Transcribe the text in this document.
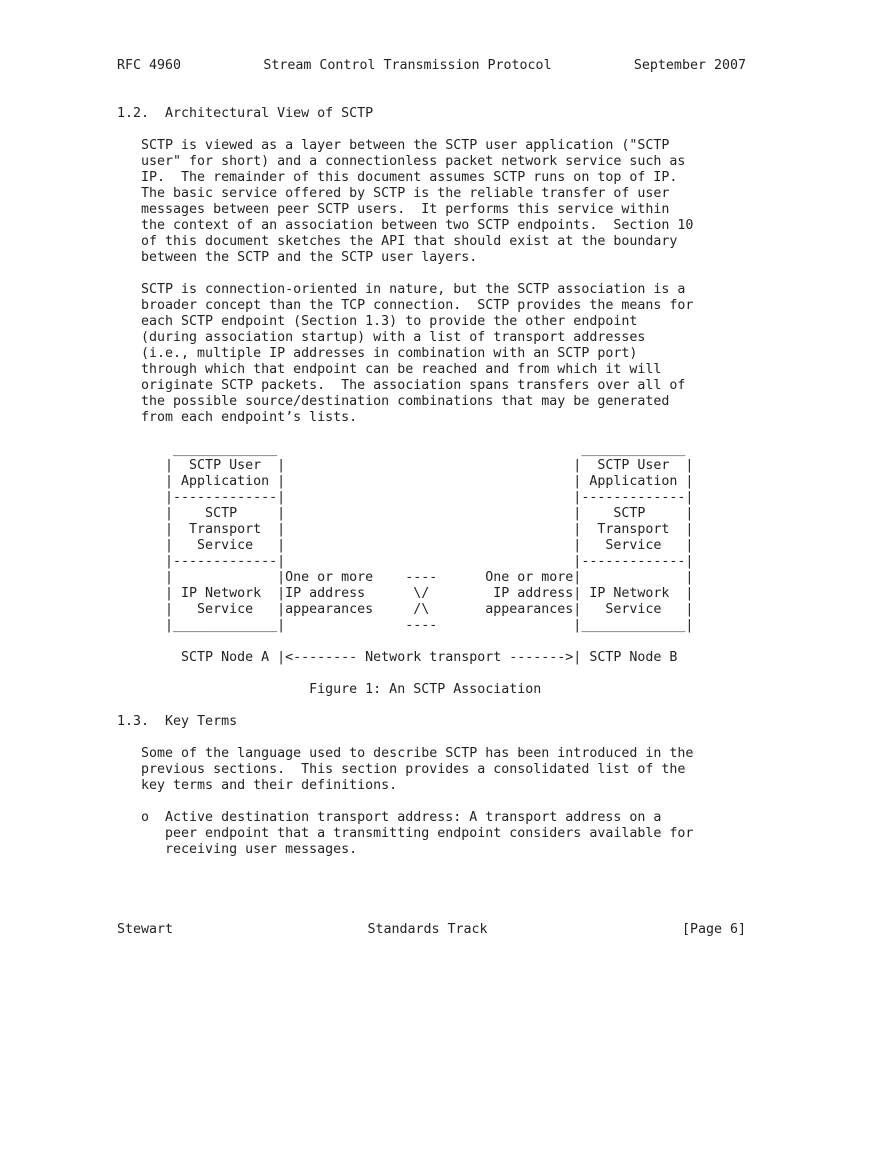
RFC 4960	Stream Control Transmission Protocol	September 2007
1.2.  Architectural View of SCTP
SCTP is viewed as a layer between the SCTP user application ("SCTP
user" for short) and a connectionless packet network service such as
IP.  The remainder of this document assumes SCTP runs on top of IP.
The basic service offered by SCTP is the reliable transfer of user
messages between peer SCTP users.  It performs this service within
the context of an association between two SCTP endpoints.  Section 10
of this document sketches the API that should exist at the boundary
between the SCTP and the SCTP user layers.
SCTP is connection-oriented in nature, but the SCTP association is a
broader concept than the TCP connection.  SCTP provides the means for
each SCTP endpoint (Section 1.3) to provide the other endpoint
(during association startup) with a list of transport addresses
(i.e., multiple IP addresses in combination with an SCTP port)
through which that endpoint can be reached and from which it will
originate SCTP packets.  The association spans transfers over all of
the possible source/destination combinations that may be generated
from each endpoint’s lists.
_____________                                      _____________
|  SCTP User  |                                    |  SCTP User  |
| Application |                                    | Application |
|-------------|                                    |-------------|
|    SCTP     |                                    |    SCTP     |
|  Transport  |                                    |  Transport  |
|   Service   |                                    |   Service   |
|-------------|                                    |-------------|
|             |One or more    ----      One or more|             |
| IP Network  |IP address      \/        IP address| IP Network  |
|   Service   |appearances     /\       appearances|   Service   |
|_____________|               ----                 |_____________|
SCTP Node A |<-------- Network transport ------->| SCTP Node B
Figure 1: An SCTP Association
1.3.  Key Terms
Some of the language used to describe SCTP has been introduced in the
previous sections.  This section provides a consolidated list of the
key terms and their definitions.
o  Active destination transport address: A transport address on a
peer endpoint that a transmitting endpoint considers available for
receiving user messages.
Stewart	Standards Track	[Page 6]
